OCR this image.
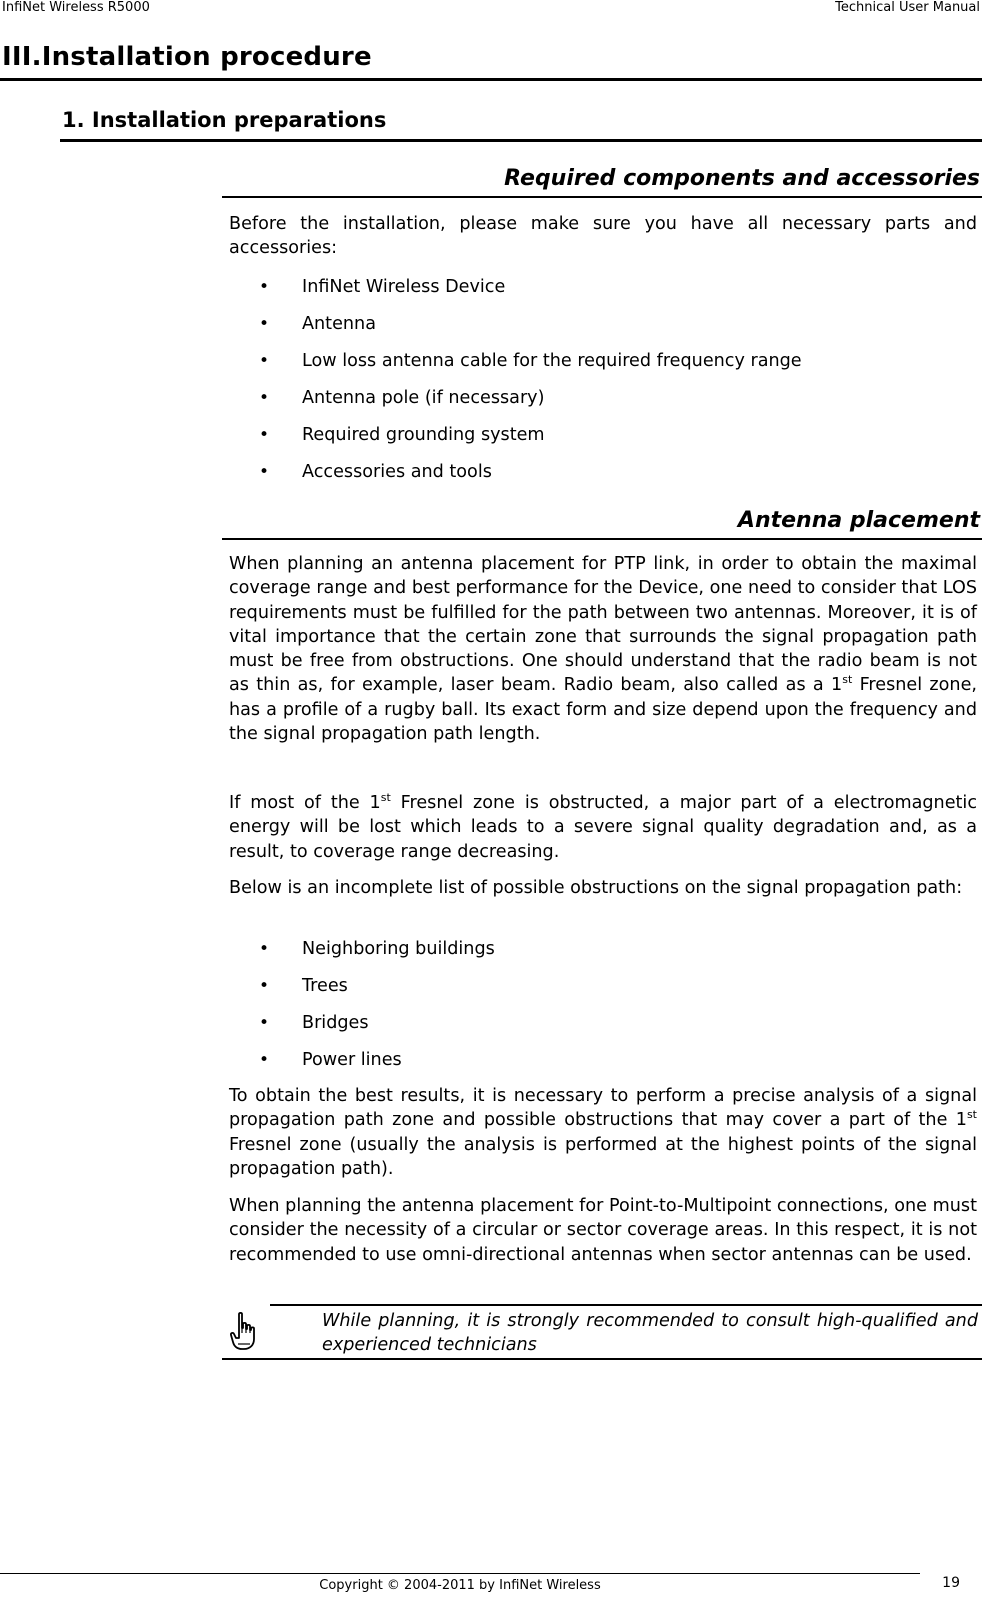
InfiNet Wireless R5000	Technical User Manual
III.Installation procedure
1. Installation preparations
Required components and accessories

Before the installation, please make sure you have all necessary parts and accessories:

• InfiNet Wireless Device
• Antenna
• Low loss antenna cable for the required frequency range
• Antenna pole (if necessary)
• Required grounding system
• Accessories and tools
Antenna placement

When planning an antenna placement for PTP link, in order to obtain the maximal coverage range and best performance for the Device, one need to consider that LOS requirements must be fulfilled for the path between two antennas. Moreover, it is of vital importance that the certain zone that surrounds the signal propagation path must be free from obstructions. One should understand that the radio beam is not as thin as, for example, laser beam. Radio beam, also called as a 1st Fresnel zone, has a profile of a rugby ball. Its exact form and size depend upon the frequency and the signal propagation path length.

If most of the 1st Fresnel zone is obstructed, a major part of a electromagnetic energy will be lost which leads to a severe signal quality degradation and, as a result, to coverage range decreasing.

Below is an incomplete list of possible obstructions on the signal propagation path:

• Neighboring buildings
• Trees
• Bridges
• Power lines

To obtain the best results, it is necessary to perform a precise analysis of a signal propagation path zone and possible obstructions that may cover a part of the 1st Fresnel zone (usually the analysis is performed at the highest points of the signal propagation path).

When planning the antenna placement for Point-to-Multipoint connections, one must consider the necessity of a circular or sector coverage areas. In this respect, it is not recommended to use omni-directional antennas when sector antennas can be used.

While planning, it is strongly recommended to consult high-qualified and experienced technicians

Copyright © 2004-2011 by InfiNet Wireless	19
